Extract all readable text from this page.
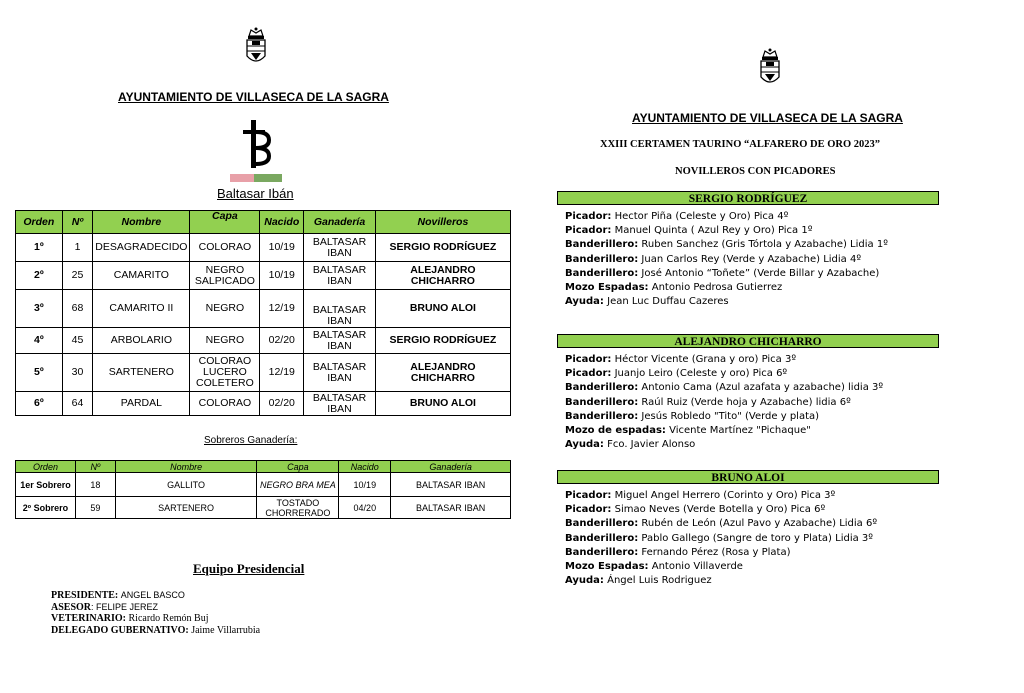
AYUNTAMIENTO DE VILLASECA DE LA SAGRA
Baltasar Ibán
Orden	Nº	Nombre	Capa	Nacido	Ganadería	Novilleros
1º	1	DESAGRADECIDO	COLORAO	10/19	BALTASAR IBAN	SERGIO RODRÍGUEZ
2º	25	CAMARITO	NEGRO SALPICADO	10/19	BALTASAR IBAN	ALEJANDRO CHICHARRO
3º	68	CAMARITO II	NEGRO	12/19	BALTASAR IBAN	BRUNO ALOI
4º	45	ARBOLARIO	NEGRO	02/20	BALTASAR IBAN	SERGIO RODRÍGUEZ
5º	30	SARTENERO	COLORAO LUCERO COLETERO	12/19	BALTASAR IBAN	ALEJANDRO CHICHARRO
6º	64	PARDAL	COLORAO	02/20	BALTASAR IBAN	BRUNO ALOI
Sobreros Ganadería:
Orden	Nº	Nombre	Capa	Nacido	Ganadería
1er Sobrero	18	GALLITO	NEGRO BRA MEA	10/19	BALTASAR IBAN
2º Sobrero	59	SARTENERO	TOSTADO CHORRERADO	04/20	BALTASAR IBAN
Equipo Presidencial
PRESIDENTE: ANGEL BASCO
ASESOR: FELIPE JEREZ
VETERINARIO: Ricardo Remón Buj
DELEGADO GUBERNATIVO: Jaime Villarrubia
AYUNTAMIENTO DE VILLASECA DE LA SAGRA
XXIII CERTAMEN TAURINO “ALFARERO DE ORO 2023”
NOVILLEROS CON PICADORES
SERGIO RODRÍGUEZ
Picador: Hector Piña (Celeste y Oro) Pica 4º
Picador: Manuel Quinta ( Azul Rey y Oro) Pica 1º
Banderillero: Ruben Sanchez (Gris Tórtola y Azabache) Lidia 1º
Banderillero: Juan Carlos Rey (Verde y Azabache) Lidia 4º
Banderillero: José Antonio “Toñete” (Verde Billar y Azabache)
Mozo Espadas: Antonio Pedrosa Gutierrez
Ayuda: Jean Luc Duffau Cazeres
ALEJANDRO CHICHARRO
Picador: Héctor Vicente (Grana y oro) Pica 3º
Picador: Juanjo Leiro (Celeste y oro) Pica 6º
Banderillero: Antonio Cama (Azul azafata y azabache) lidia 3º
Banderillero: Raúl Ruiz (Verde hoja y Azabache) lidia 6º
Banderillero: Jesús Robledo "Tito" (Verde y plata)
Mozo de espadas: Vicente Martínez "Pichaque"
Ayuda: Fco. Javier Alonso
BRUNO ALOI
Picador: Miguel Angel Herrero (Corinto y Oro) Pica 3º
Picador: Simao Neves (Verde Botella y Oro) Pica 6º
Banderillero: Rubén de León (Azul Pavo y Azabache) Lidia 6º
Banderillero: Pablo Gallego (Sangre de toro y Plata) Lidia 3º
Banderillero: Fernando Pérez (Rosa y Plata)
Mozo Espadas: Antonio Villaverde
Ayuda: Ángel Luis Rodriguez
